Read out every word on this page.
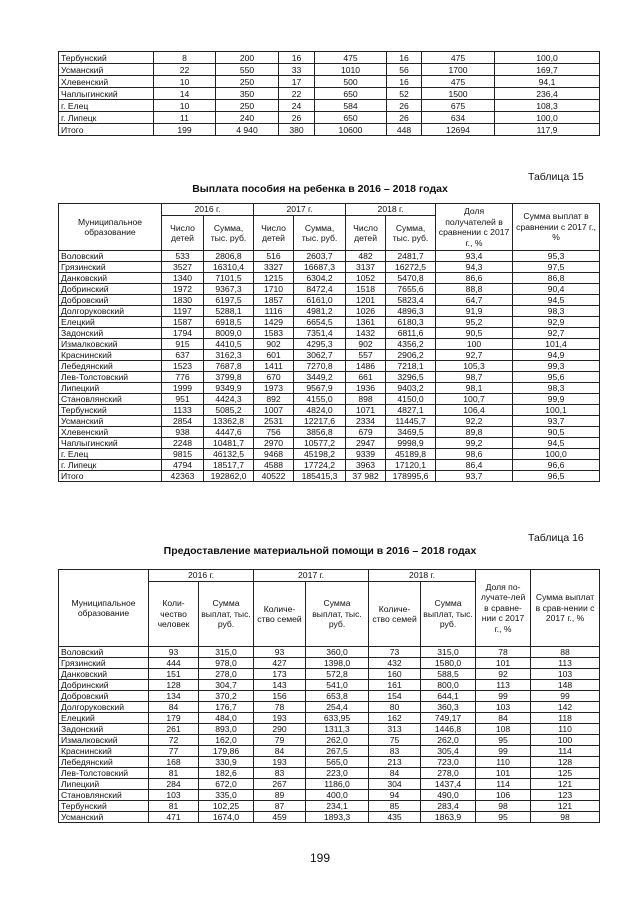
Тербунский	8	200	16	475	16	475	100,0
Усманский	22	550	33	1010	56	1700	169,7
Хлевенский	10	250	17	500	16	475	94,1
Чаплыгинский	14	350	22	650	52	1500	236,4
г. Елец	10	250	24	584	26	675	108,3
г. Липецк	11	240	26	650	26	634	100,0
Итого	199	4 940	380	10600	448	12694	117,9
Таблица 15
Выплата пособия на ребенка в 2016 – 2018 годах
Муниципальное образование	2016 г.		2017 г.		2018 г.		Доля получателей в сравнении с 2017 г., %	Сумма выплат в сравнении с 2017 г., %
	Число детей	Сумма, тыс. руб.	Число детей	Сумма, тыс. руб.	Число детей	Сумма, тыс. руб.		
Воловский	533	2806,8	516	2603,7	482	2481,7	93,4	95,3
Грязинский	3527	16310,4	3327	16687,3	3137	16272,5	94,3	97,5
Данковский	1340	7101,5	1215	6304,2	1052	5470,8	86,6	86,8
Добринский	1972	9367,3	1710	8472,4	1518	7655,6	88,8	90,4
Добровский	1830	6197,5	1857	6161,0	1201	5823,4	64,7	94,5
Долгоруковский	1197	5288,1	1116	4981,2	1026	4896,3	91,9	98,3
Елецкий	1587	6918,5	1429	6654,5	1361	6180,3	95,2	92,9
Задонский	1794	8009,0	1583	7351,4	1432	6811,6	90,5	92,7
Измалковский	915	4410,5	902	4295,3	902	4356,2	100	101,4
Краснинский	637	3162,3	601	3062,7	557	2906,2	92,7	94,9
Лебедянский	1523	7687,8	1411	7270,8	1486	7218,1	105,3	99,3
Лев-Толстовский	776	3799,8	670	3449,2	661	3296,5	98,7	95,6
Липецкий	1999	9349,9	1973	9567,9	1936	9403,2	98,1	98,3
Становлянский	951	4424,3	892	4155,0	898	4150,0	100,7	99,9
Тербунский	1133	5085,2	1007	4824,0	1071	4827,1	106,4	100,1
Усманский	2854	13362,8	2531	12217,6	2334	11445,7	92,2	93,7
Хлевенский	938	4447,6	756	3856,8	679	3469,5	89,8	90,5
Чаплыгинский	2248	10481,7	2970	10577,2	2947	9998,9	99,2	94,5
г. Елец	9815	46132,5	9468	45198,2	9339	45189,8	98,6	100,0
г. Липецк	4794	18517,7	4588	17724,2	3963	17120,1	86,4	96,6
Итого	42363	192862,0	40522	185415,3	37 982	178995,6	93,7	96,5
Таблица 16
Предоставление материальной помощи в 2016 – 2018 годах
Муниципальное образование	2016 г.		2017 г.		2018 г.		Доля по-лучате-лей в сравне-нии с 2017 г., %	Сумма выплат в срав-нении с 2017 г., %
	Коли-чество человек	Сумма выплат, тыс. руб.	Количе-ство семей	Сумма выплат, тыс. руб.	Количе-ство семей	Сумма выплат, тыс. руб.		
Воловский	93	315,0	93	360,0	73	315,0	78	88
Грязинский	444	978,0	427	1398,0	432	1580,0	101	113
Данковский	151	278,0	173	572,8	160	588,5	92	103
Добринский	128	304,7	143	541,0	161	800,0	113	148
Добровский	134	370,2	156	653,8	154	644,1	99	99
Долгоруковский	84	176,7	78	254,4	80	360,3	103	142
Елецкий	179	484,0	193	633,95	162	749,17	84	118
Задонский	261	893,0	290	1311,3	313	1446,8	108	110
Измалковский	72	162,0	79	262,0	75	262,0	95	100
Краснинский	77	179,86	84	267,5	83	305,4	99	114
Лебедянский	168	330,9	193	565,0	213	723,0	110	128
Лев-Толстовский	81	182,6	83	223,0	84	278,0	101	125
Липецкий	284	672,0	267	1186,0	304	1437,4	114	121
Становлянский	103	335,0	89	400,0	94	490,0	106	123
Тербунский	81	102,25	87	234,1	85	283,4	98	121
Усманский	471	1674,0	459	1893,3	435	1863,9	95	98
199
